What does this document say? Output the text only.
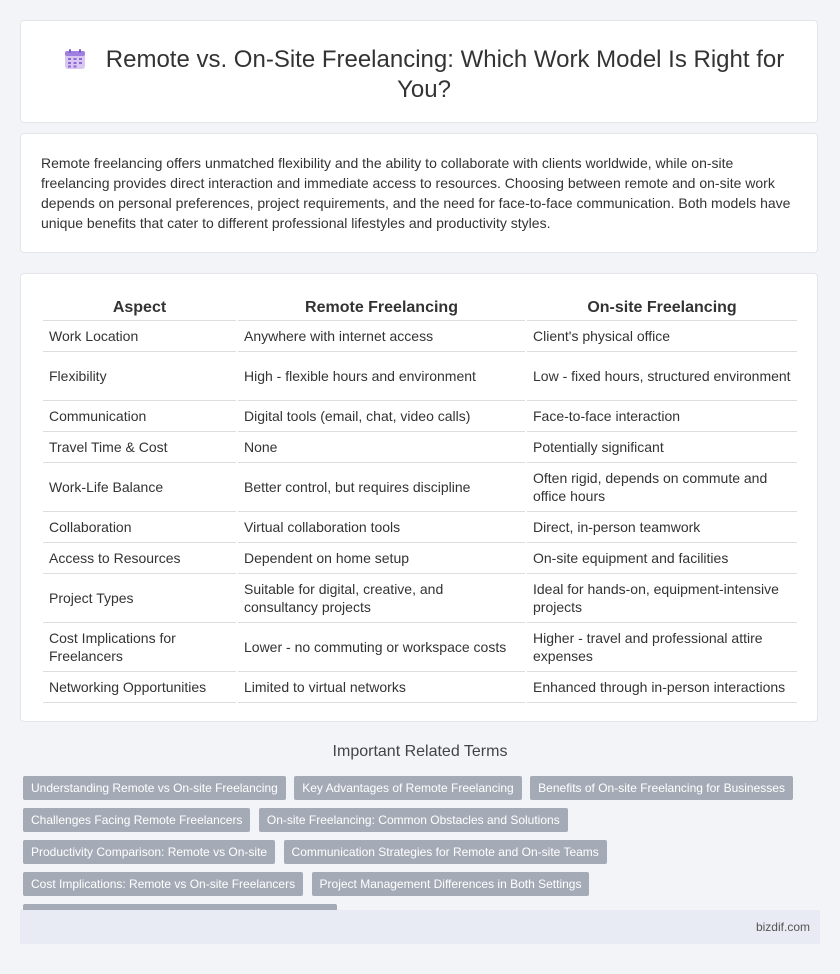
Remote vs. On-Site Freelancing: Which Work Model Is Right for You?
Remote freelancing offers unmatched flexibility and the ability to collaborate with clients worldwide, while on-site freelancing provides direct interaction and immediate access to resources. Choosing between remote and on-site work depends on personal preferences, project requirements, and the need for face-to-face communication. Both models have unique benefits that cater to different professional lifestyles and productivity styles.
Aspect	Remote Freelancing	On-site Freelancing
Work Location	Anywhere with internet access	Client's physical office
Flexibility	High - flexible hours and environment	Low - fixed hours, structured environment
Communication	Digital tools (email, chat, video calls)	Face-to-face interaction
Travel Time & Cost	None	Potentially significant
Work-Life Balance	Better control, but requires discipline	Often rigid, depends on commute and office hours
Collaboration	Virtual collaboration tools	Direct, in-person teamwork
Access to Resources	Dependent on home setup	On-site equipment and facilities
Project Types	Suitable for digital, creative, and consultancy projects	Ideal for hands-on, equipment-intensive projects
Cost Implications for Freelancers	Lower - no commuting or workspace costs	Higher - travel and professional attire expenses
Networking Opportunities	Limited to virtual networks	Enhanced through in-person interactions
Important Related Terms
Understanding Remote vs On-site Freelancing Key Advantages of Remote Freelancing Benefits of On-site Freelancing for Businesses Challenges Facing Remote Freelancers On-site Freelancing: Common Obstacles and Solutions Productivity Comparison: Remote vs On-site Communication Strategies for Remote and On-site Teams Cost Implications: Remote vs On-site Freelancers Project Management Differences in Both Settings
bizdif.com
